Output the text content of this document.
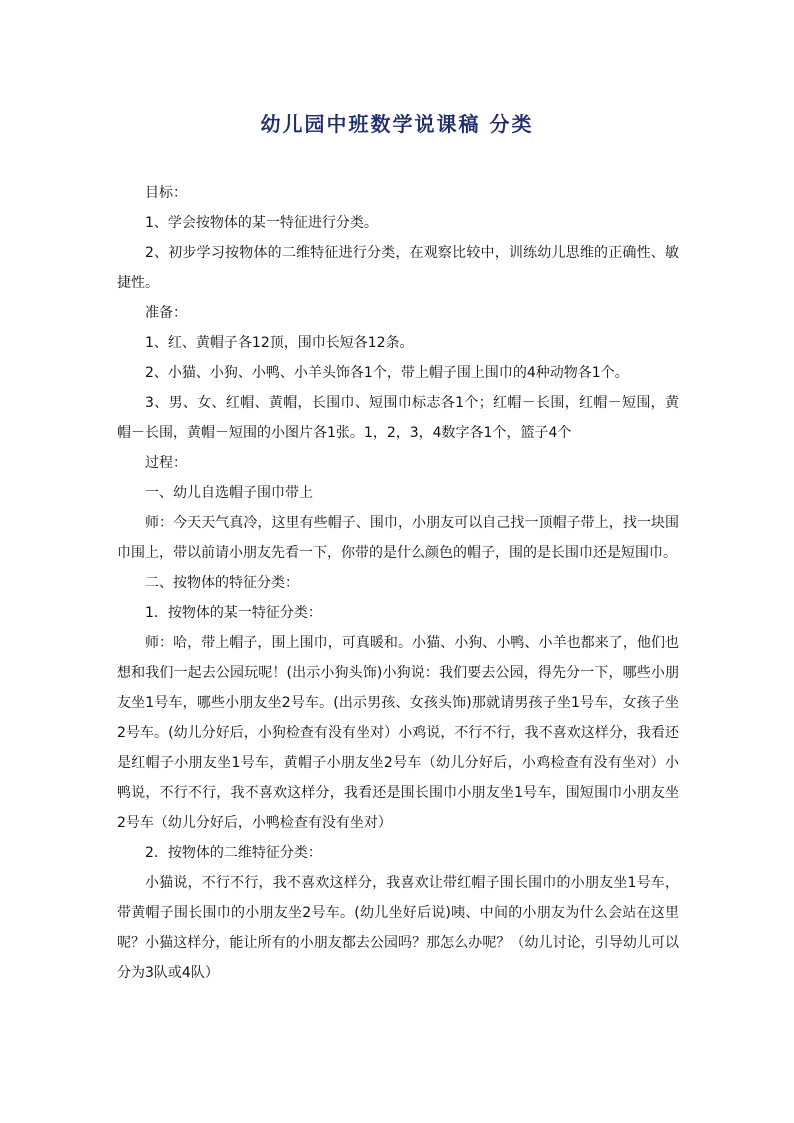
幼儿园中班数学说课稿 分类

目标：

1、学会按物体的某一特征进行分类。

2、初步学习按物体的二维特征进行分类，在观察比较中，训练幼儿思维的正确性、敏捷性。

准备：

1、红、黄帽子各12顶，围巾长短各12条。

2、小猫、小狗、小鸭、小羊头饰各1个，带上帽子围上围巾的4种动物各1个。

3、男、女、红帽、黄帽，长围巾、短围巾标志各1个；红帽－长围，红帽－短围，黄帽－长围，黄帽－短围的小图片各1张。1，2，3，4数字各1个，篮子4个

过程：

一、幼儿自选帽子围巾带上

师：今天天气真冷，这里有些帽子、围巾，小朋友可以自己找一顶帽子带上，找一块围巾围上，带以前请小朋友先看一下，你带的是什么颜色的帽子，围的是长围巾还是短围巾。

二、按物体的特征分类：

1．按物体的某一特征分类：

师：哈，带上帽子，围上围巾，可真暖和。小猫、小狗、小鸭、小羊也都来了，他们也想和我们一起去公园玩呢！(出示小狗头饰)小狗说：我们要去公园，得先分一下，哪些小朋友坐1号车，哪些小朋友坐2号车。(出示男孩、女孩头饰)那就请男孩子坐1号车，女孩子坐2号车。(幼儿分好后，小狗检查有没有坐对）小鸡说，不行不行，我不喜欢这样分，我看还是红帽子小朋友坐1号车，黄帽子小朋友坐2号车（幼儿分好后，小鸡检查有没有坐对）小鸭说，不行不行，我不喜欢这样分，我看还是围长围巾小朋友坐1号车，围短围巾小朋友坐2号车（幼儿分好后，小鸭检查有没有坐对）

2．按物体的二维特征分类：

小猫说，不行不行，我不喜欢这样分，我喜欢让带红帽子围长围巾的小朋友坐1号车，带黄帽子围长围巾的小朋友坐2号车。(幼儿坐好后说)咦、中间的小朋友为什么会站在这里呢？小猫这样分，能让所有的小朋友都去公园吗？那怎么办呢？（幼儿讨论，引导幼儿可以分为3队或4队）
